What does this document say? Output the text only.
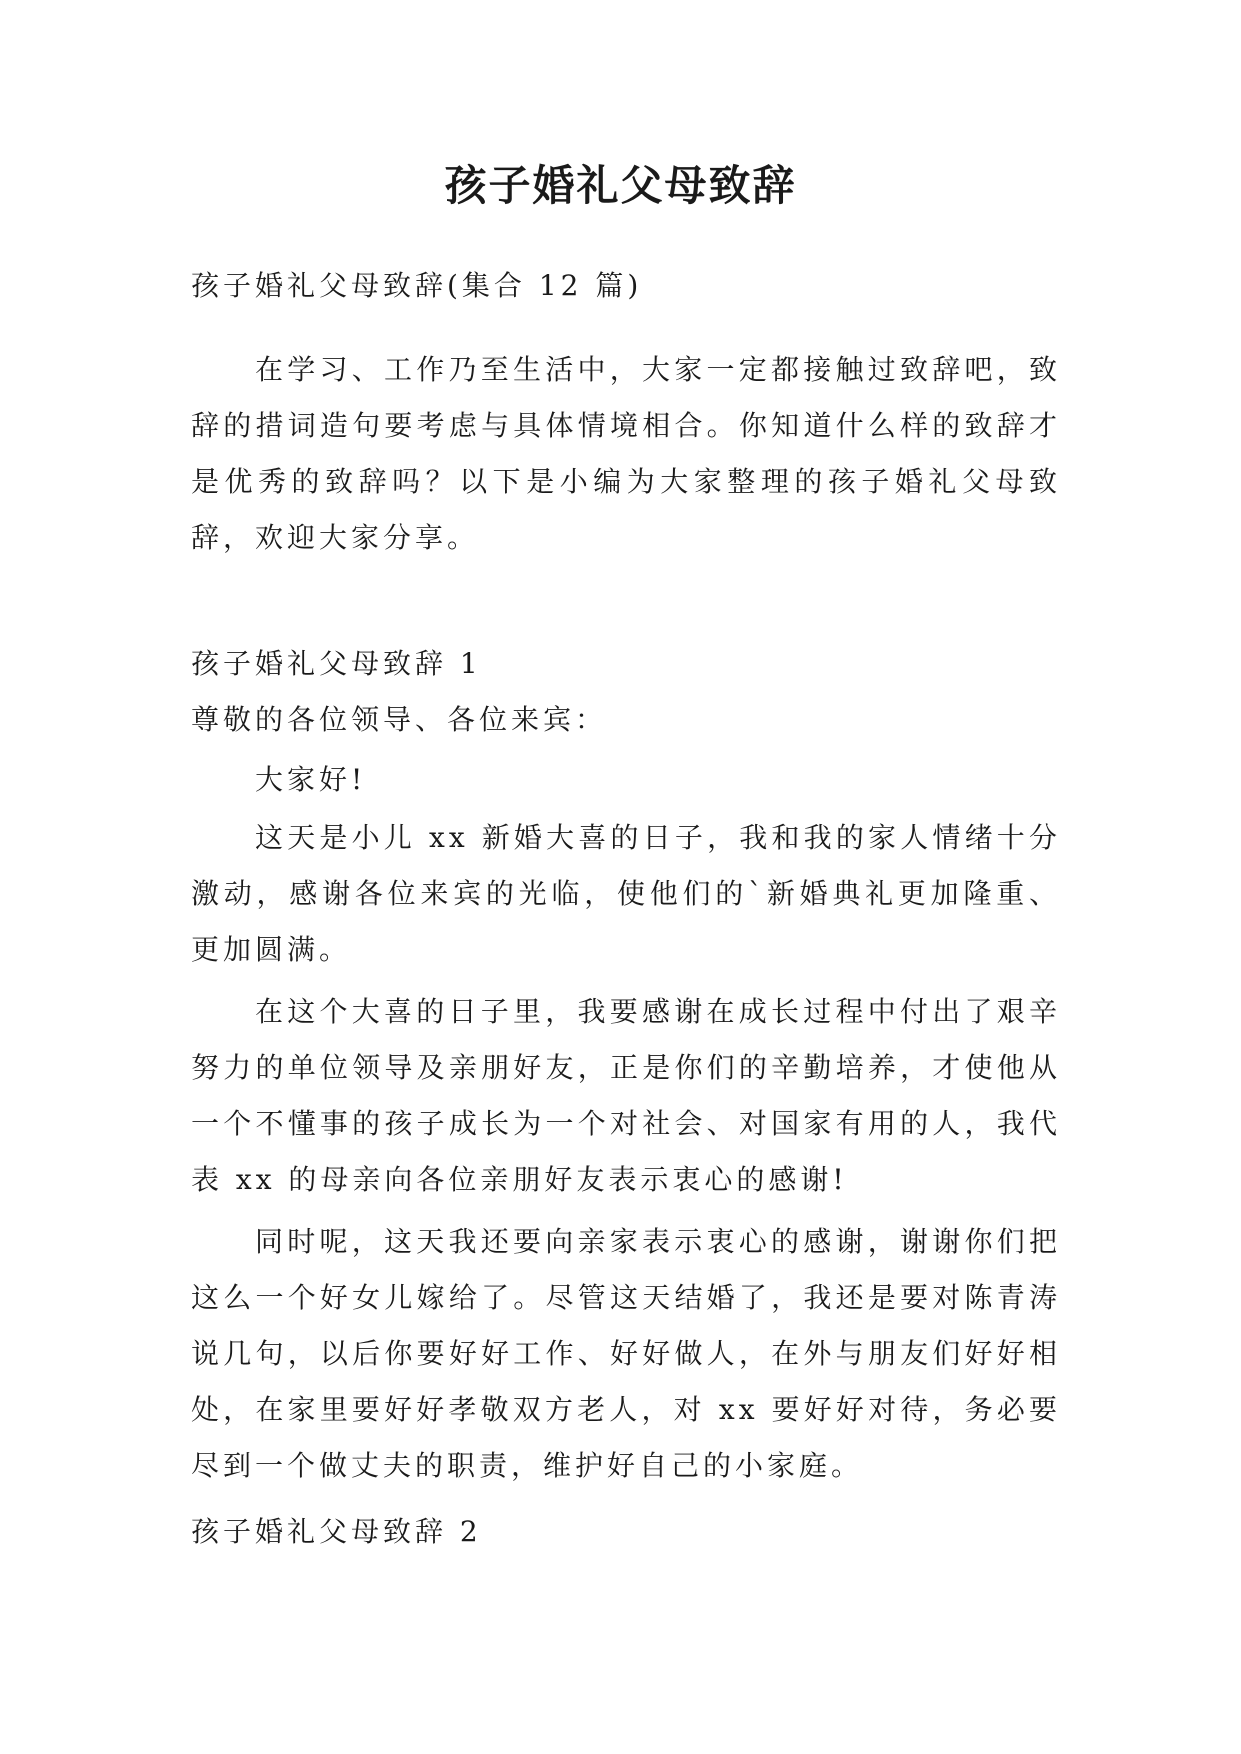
孩子婚礼父母致辞

孩子婚礼父母致辞(集合 12 篇)

在学习、工作乃至生活中，大家一定都接触过致辞吧，致辞的措词造句要考虑与具体情境相合。你知道什么样的致辞才是优秀的致辞吗？以下是小编为大家整理的孩子婚礼父母致辞，欢迎大家分享。

孩子婚礼父母致辞 1

尊敬的各位领导、各位来宾：

大家好!

这天是小儿 xx 新婚大喜的日子，我和我的家人情绪十分激动，感谢各位来宾的光临，使他们的`新婚典礼更加隆重、更加圆满。

在这个大喜的日子里，我要感谢在成长过程中付出了艰辛努力的单位领导及亲朋好友，正是你们的辛勤培养，才使他从一个不懂事的孩子成长为一个对社会、对国家有用的人，我代表 xx 的母亲向各位亲朋好友表示衷心的感谢!

同时呢，这天我还要向亲家表示衷心的感谢，谢谢你们把这么一个好女儿嫁给了。尽管这天结婚了，我还是要对陈青涛说几句，以后你要好好工作、好好做人，在外与朋友们好好相处，在家里要好好孝敬双方老人，对 xx 要好好对待，务必要尽到一个做丈夫的职责，维护好自己的小家庭。

孩子婚礼父母致辞 2
